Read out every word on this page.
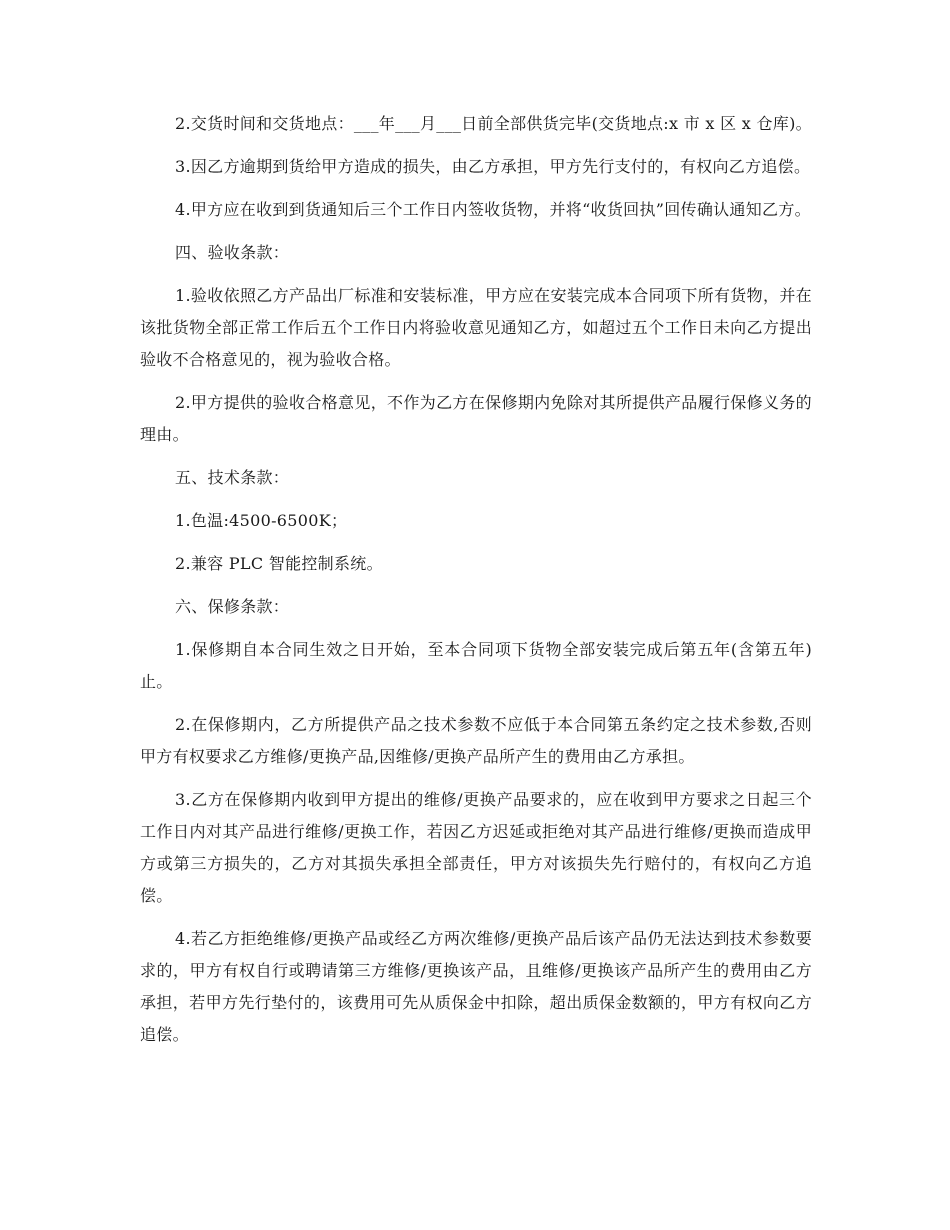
2.交货时间和交货地点：___年___月___日前全部供货完毕(交货地点:x 市 x 区 x 仓库)。

3.因乙方逾期到货给甲方造成的损失，由乙方承担，甲方先行支付的，有权向乙方追偿。

4.甲方应在收到到货通知后三个工作日内签收货物，并将“收货回执”回传确认通知乙方。

四、验收条款：

1.验收依照乙方产品出厂标准和安装标准，甲方应在安装完成本合同项下所有货物，并在该批货物全部正常工作后五个工作日内将验收意见通知乙方，如超过五个工作日未向乙方提出验收不合格意见的，视为验收合格。

2.甲方提供的验收合格意见，不作为乙方在保修期内免除对其所提供产品履行保修义务的理由。

五、技术条款：

1.色温:4500-6500K；

2.兼容 PLC 智能控制系统。

六、保修条款：

1.保修期自本合同生效之日开始，至本合同项下货物全部安装完成后第五年(含第五年)止。

2.在保修期内，乙方所提供产品之技术参数不应低于本合同第五条约定之技术参数,否则甲方有权要求乙方维修/更换产品,因维修/更换产品所产生的费用由乙方承担。

3.乙方在保修期内收到甲方提出的维修/更换产品要求的，应在收到甲方要求之日起三个工作日内对其产品进行维修/更换工作，若因乙方迟延或拒绝对其产品进行维修/更换而造成甲方或第三方损失的，乙方对其损失承担全部责任，甲方对该损失先行赔付的，有权向乙方追偿。

4.若乙方拒绝维修/更换产品或经乙方两次维修/更换产品后该产品仍无法达到技术参数要求的，甲方有权自行或聘请第三方维修/更换该产品，且维修/更换该产品所产生的费用由乙方承担，若甲方先行垫付的，该费用可先从质保金中扣除，超出质保金数额的，甲方有权向乙方追偿。
